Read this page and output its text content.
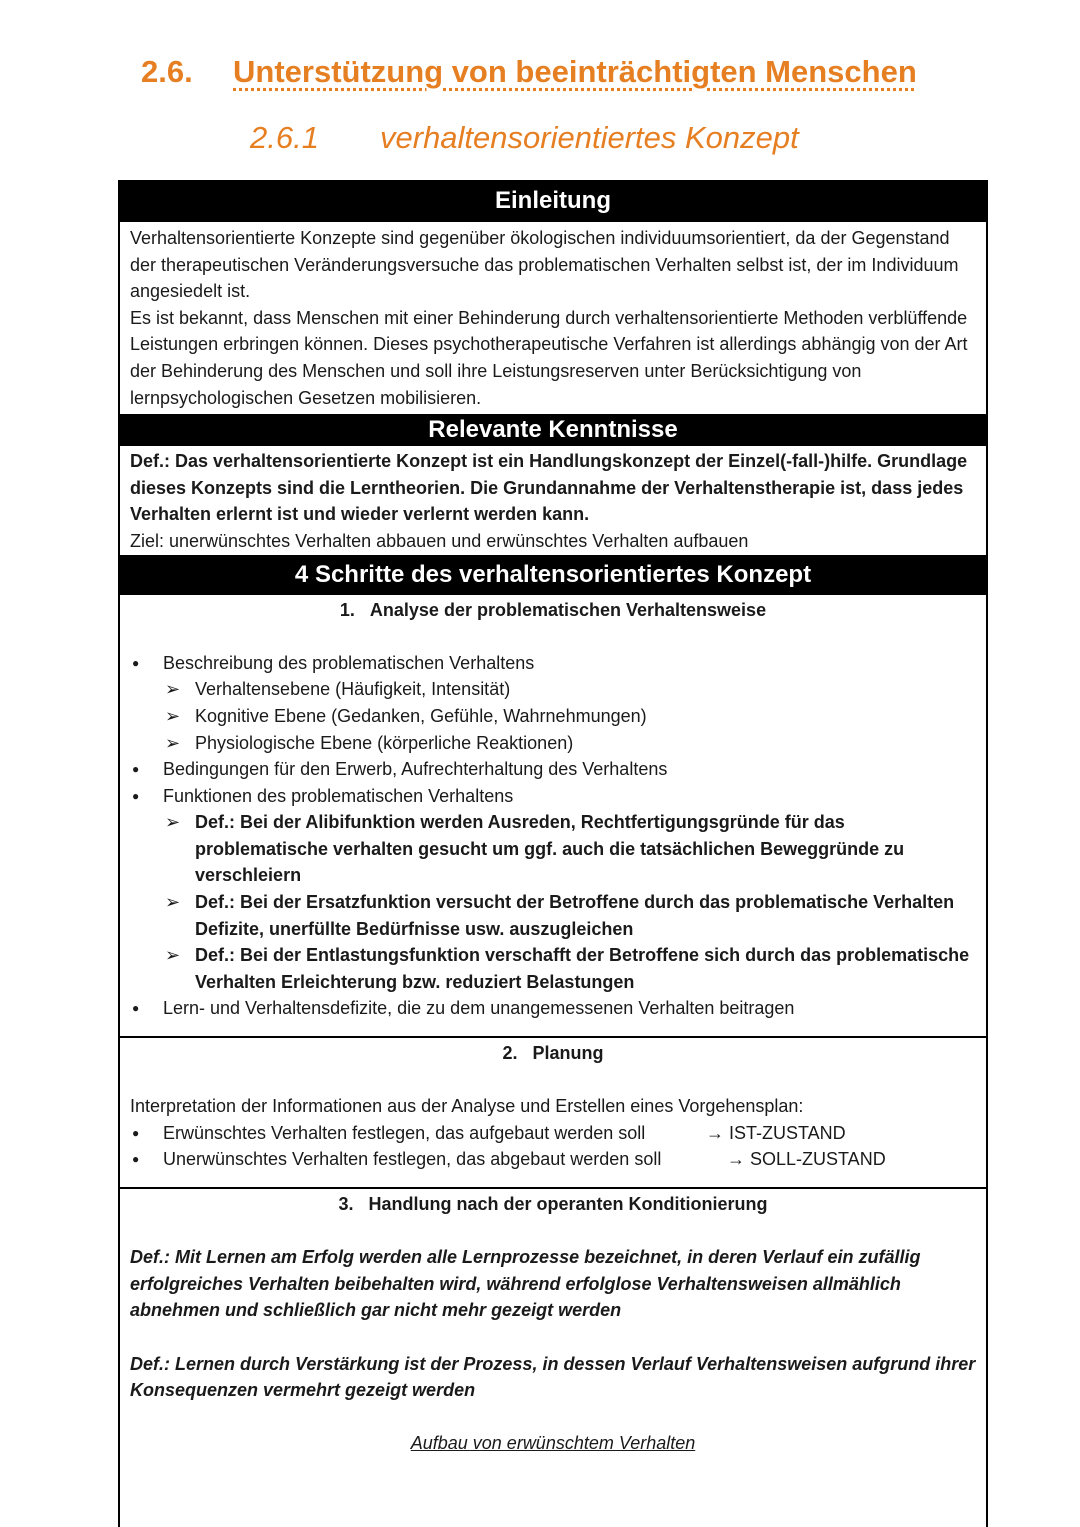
2.6. Unterstützung von beeinträchtigten Menschen
2.6.1 verhaltensorientiertes Konzept
Einleitung

Verhaltensorientierte Konzepte sind gegenüber ökologischen individuumsorientiert, da der Gegenstand der therapeutischen Veränderungsversuche das problematischen Verhalten selbst ist, der im Individuum angesiedelt ist.

Es ist bekannt, dass Menschen mit einer Behinderung durch verhaltensorientierte Methoden verblüffende Leistungen erbringen können. Dieses psychotherapeutische Verfahren ist allerdings abhängig von der Art der Behinderung des Menschen und soll ihre Leistungsreserven unter Berücksichtigung von lernpsychologischen Gesetzen mobilisieren.

Relevante Kenntnisse

Def.: Das verhaltensorientierte Konzept ist ein Handlungskonzept der Einzel(-fall-)hilfe. Grundlage dieses Konzepts sind die Lerntheorien. Die Grundannahme der Verhaltenstherapie ist, dass jedes Verhalten erlernt ist und wieder verlernt werden kann.

Ziel: unerwünschtes Verhalten abbauen und erwünschtes Verhalten aufbauen

4 Schritte des verhaltensorientiertes Konzept
1. Analyse der problematischen Verhaltensweise
● Beschreibung des problematischen Verhaltens
➢ Verhaltensebene (Häufigkeit, Intensität)
➢ Kognitive Ebene (Gedanken, Gefühle, Wahrnehmungen)
➢ Physiologische Ebene (körperliche Reaktionen)
● Bedingungen für den Erwerb, Aufrechterhaltung des Verhaltens
● Funktionen des problematischen Verhaltens
➢ Def.: Bei der Alibifunktion werden Ausreden, Rechtfertigungsgründe für das problematische verhalten gesucht um ggf. auch die tatsächlichen Beweggründe zu verschleiern
➢ Def.: Bei der Ersatzfunktion versucht der Betroffene durch das problematische Verhalten Defizite, unerfüllte Bedürfnisse usw. auszugleichen
➢ Def.: Bei der Entlastungsfunktion verschafft der Betroffene sich durch das problematische Verhalten Erleichterung bzw. reduziert Belastungen
● Lern- und Verhaltensdefizite, die zu dem unangemessenen Verhalten beitragen
2. Planung

Interpretation der Informationen aus der Analyse und Erstellen eines Vorgehensplan:

● Erwünschtes Verhalten festlegen, das aufgebaut werden soll	→ IST-ZUSTAND
● Unerwünschtes Verhalten festlegen, das abgebaut werden soll	→ SOLL-ZUSTAND
3. Handlung nach der operanten Konditionierung

Def.: Mit Lernen am Erfolg werden alle Lernprozesse bezeichnet, in deren Verlauf ein zufällig erfolgreiches Verhalten beibehalten wird, während erfolglose Verhaltensweisen allmählich abnehmen und schließlich gar nicht mehr gezeigt werden

Def.: Lernen durch Verstärkung ist der Prozess, in dessen Verlauf Verhaltensweisen aufgrund ihrer Konsequenzen vermehrt gezeigt werden

Aufbau von erwünschtem Verhalten
